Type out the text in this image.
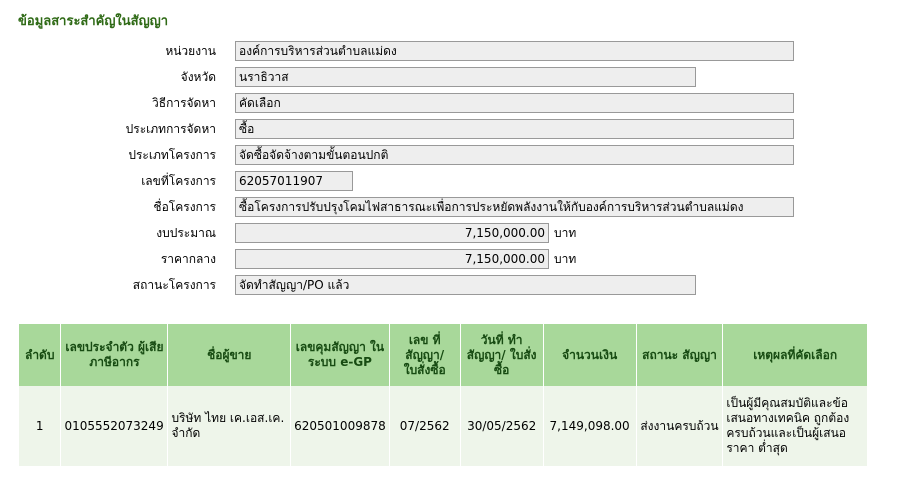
ข้อมูลสาระสำคัญในสัญญา
หน่วยงาน	องค์การบริหารส่วนตำบลแม่ดง
จังหวัด	นราธิวาส
วิธีการจัดหา	คัดเลือก
ประเภทการจัดหา	ซื้อ
ประเภทโครงการ	จัดซื้อจัดจ้างตามขั้นตอนปกติ
เลขที่โครงการ	62057011907
ชื่อโครงการ	ซื้อโครงการปรับปรุงโคมไฟสาธารณะเพื่อการประหยัดพลังงานให้กับองค์การบริหารส่วนตำบลแม่ดง
งบประมาณ	7,150,000.00 บาท
ราคากลาง	7,150,000.00 บาท
สถานะโครงการ	จัดทำสัญญา/PO แล้ว
ลำดับ	เลขประจำตัว ผู้เสียภาษีอากร	ชื่อผู้ขาย	เลขคุมสัญญา ในระบบ e-GP	เลข ที่สัญญา/ ใบสั่งซื้อ	วันที่ ทำสัญญา/ ใบสั่งซื้อ	จำนวนเงิน	สถานะ สัญญา	เหตุผลที่คัดเลือก
1	0105552073249	บริษัท ไทย เค.เอส.เค. จำกัด	620501009878	07/2562	30/05/2562	7,149,098.00	ส่งงานครบถ้วน	เป็นผู้มีคุณสมบัติและข้อเสนอทางเทคนิค ถูกต้องครบถ้วนและเป็นผู้เสนอราคา ต่ำสุด
